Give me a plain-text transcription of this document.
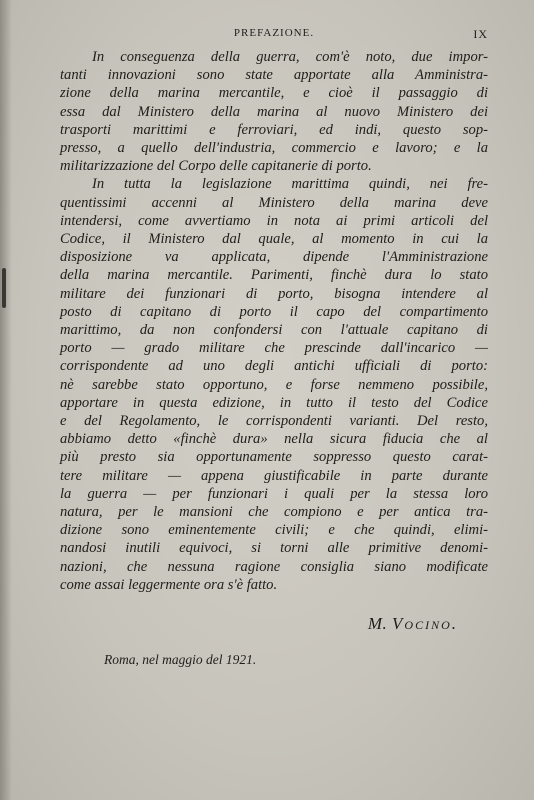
PREFAZIONE.	IX
In conseguenza della guerra, com'è noto, due impor-
tanti innovazioni sono state apportate alla Amministra-
zione della marina mercantile, e cioè il passaggio di
essa dal Ministero della marina al nuovo Ministero dei
trasporti marittimi e ferroviari, ed indi, questo sop-
presso, a quello dell'industria, commercio e lavoro; e la
militarizzazione del Corpo delle capitanerie di porto.
In tutta la legislazione marittima quindi, nei fre-
quentissimi accenni al Ministero della marina deve
intendersi, come avvertiamo in nota ai primi articoli del
Codice, il Ministero dal quale, al momento in cui la
disposizione va applicata, dipende l'Amministrazione
della marina mercantile. Parimenti, finchè dura lo stato
militare dei funzionari di porto, bisogna intendere al
posto di capitano di porto il capo del compartimento
marittimo, da non confondersi con l'attuale capitano di
porto — grado militare che prescinde dall'incarico —
corrispondente ad uno degli antichi ufficiali di porto:
nè sarebbe stato opportuno, e forse nemmeno possibile,
apportare in questa edizione, in tutto il testo del Codice
e del Regolamento, le corrispondenti varianti. Del resto,
abbiamo detto «finchè dura» nella sicura fiducia che al
più presto sia opportunamente soppresso questo carat-
tere militare — appena giustificabile in parte durante
la guerra — per funzionari i quali per la stessa loro
natura, per le mansioni che compiono e per antica tra-
dizione sono eminentemente civili; e che quindi, elimi-
nandosi inutili equivoci, si torni alle primitive denomi-
nazioni, che nessuna ragione consiglia siano modificate
come assai leggermente ora s'è fatto.
M. Vocino.
Roma, nel maggio del 1921.
